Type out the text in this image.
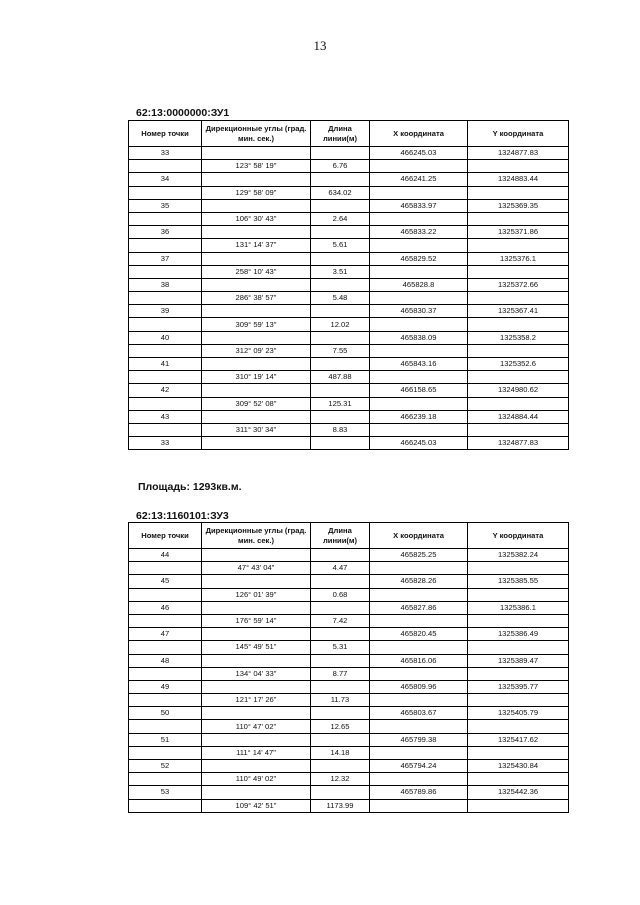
13
62:13:0000000:ЗУ1
Номер точки	Дирекционные углы (град. мин. сек.)	Длина линии(м)	X координата	Y координата
33			466245.03	1324877.83
	123° 58' 19"	6.76		
34			466241.25	1324883.44
	129° 58' 09"	634.02		
35			465833.97	1325369.35
	106° 30' 43"	2.64		
36			465833.22	1325371.86
	131° 14' 37"	5.61		
37			465829.52	1325376.1
	258° 10' 43"	3.51		
38			465828.8	1325372.66
	286° 38' 57"	5.48		
39			465830.37	1325367.41
	309° 59' 13"	12.02		
40			465838.09	1325358.2
	312° 09' 23"	7.55		
41			465843.16	1325352.6
	310° 19' 14"	487.88		
42			466158.65	1324980.62
	309° 52' 08"	125.31		
43			466239.18	1324884.44
	311° 30' 34"	8.83		
33			466245.03	1324877.83
Площадь: 1293кв.м.
62:13:1160101:ЗУ3
Номер точки	Дирекционные углы (град. мин. сек.)	Длина линии(м)	X координата	Y координата
44			465825.25	1325382.24
	47° 43' 04"	4.47		
45			465828.26	1325385.55
	126° 01' 39"	0.68		
46			465827.86	1325386.1
	176° 59' 14"	7.42		
47			465820.45	1325386.49
	145° 49' 51"	5.31		
48			465816.06	1325389.47
	134° 04' 33"	8.77		
49			465809.96	1325395.77
	121° 17' 26"	11.73		
50			465803.67	1325405.79
	110° 47' 02"	12.65		
51			465799.38	1325417.62
	111° 14' 47"	14.18		
52			465794.24	1325430.84
	110° 49' 02"	12.32		
53			465789.86	1325442.36
	109° 42' 51"	1173.99		
